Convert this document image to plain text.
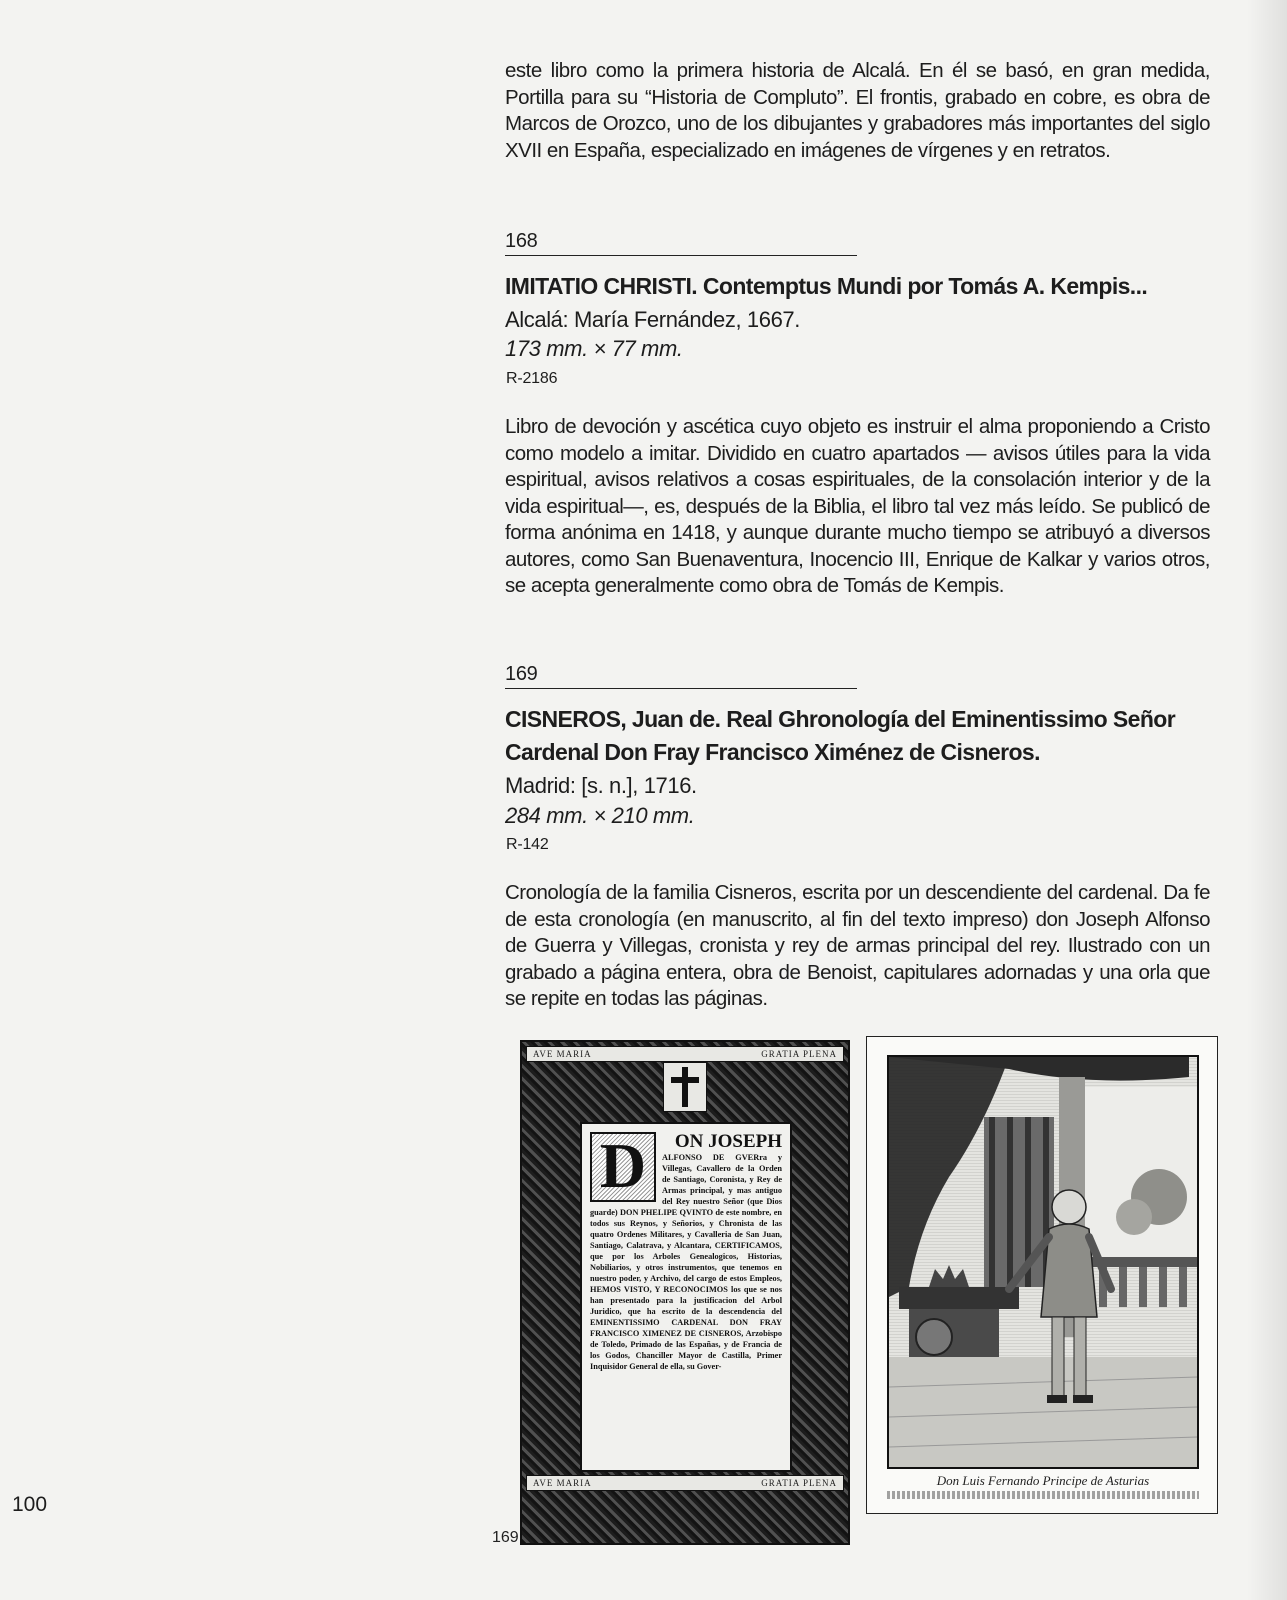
este libro como la primera historia de Alcalá. En él se basó, en gran medida, Portilla para su “Historia de Compluto”. El frontis, grabado en cobre, es obra de Marcos de Orozco, uno de los dibujantes y grabadores más importantes del siglo XVII en España, especializado en imágenes de vírgenes y en retratos.

168
IMITATIO CHRISTI. Contemptus Mundi por Tomás A. Kempis...
Alcalá: María Fernández, 1667.
173 mm. × 77 mm.
R-2186

Libro de devoción y ascética cuyo objeto es instruir el alma proponiendo a Cristo como modelo a imitar. Dividido en cuatro apartados — avisos útiles para la vida espiritual, avisos relativos a cosas espirituales, de la consolación interior y de la vida espiritual—, es, después de la Biblia, el libro tal vez más leído. Se publicó de forma anónima en 1418, y aunque durante mucho tiempo se atribuyó a diversos autores, como San Buenaventura, Inocencio III, Enrique de Kalkar y varios otros, se acepta generalmente como obra de Tomás de Kempis.

169
CISNEROS, Juan de. Real Ghronología del Eminentissimo Señor Cardenal Don Fray Francisco Ximénez de Cisneros.
Madrid: [s. n.], 1716.
284 mm. × 210 mm.
R-142

Cronología de la familia Cisneros, escrita por un descendiente del cardenal. Da fe de esta cronología (en manuscrito, al fin del texto impreso) don Joseph Alfonso de Guerra y Villegas, cronista y rey de armas principal del rey. Ilustrado con un grabado a página entera, obra de Benoist, capitulares adornadas y una orla que se repite en todas las páginas.

AVE MARIA	GRATIA PLENA
D	ON JOSEPH
ALFONSO DE GVERra y Villegas, Cavallero de la Orden de Santiago, Coronista, y Rey de Armas principal, y mas antiguo del Rey nuestro Señor (que Dios guarde) DON PHELIPE QVINTO de este nombre, en todos sus Reynos, y Señorios, y Chronista de las quatro Ordenes Militares, y Cavalleria de San Juan, Santiago, Calatrava, y Alcantara, CERTIFICAMOS, que por los Arboles Genealogicos, Historias, Nobiliarios, y otros instrumentos, que tenemos en nuestro poder, y Archivo, del cargo de estos Empleos, HEMOS VISTO, Y RECONOCIMOS los que se nos han presentado para la justificacion del Arbol Juridico, que ha escrito de la descendencia del EMINENTISSIMO CARDENAL DON FRAY FRANCISCO XIMENEZ DE CISNEROS, Arzobispo de Toledo, Primado de las Españas, y de Francia de los Godos, Chanciller Mayor de Castilla, Primer Inquisidor General de ella, su Gover-
AVE MARIA	GRATIA PLENA
169
Don Luis Fernando Principe de Asturias
100
